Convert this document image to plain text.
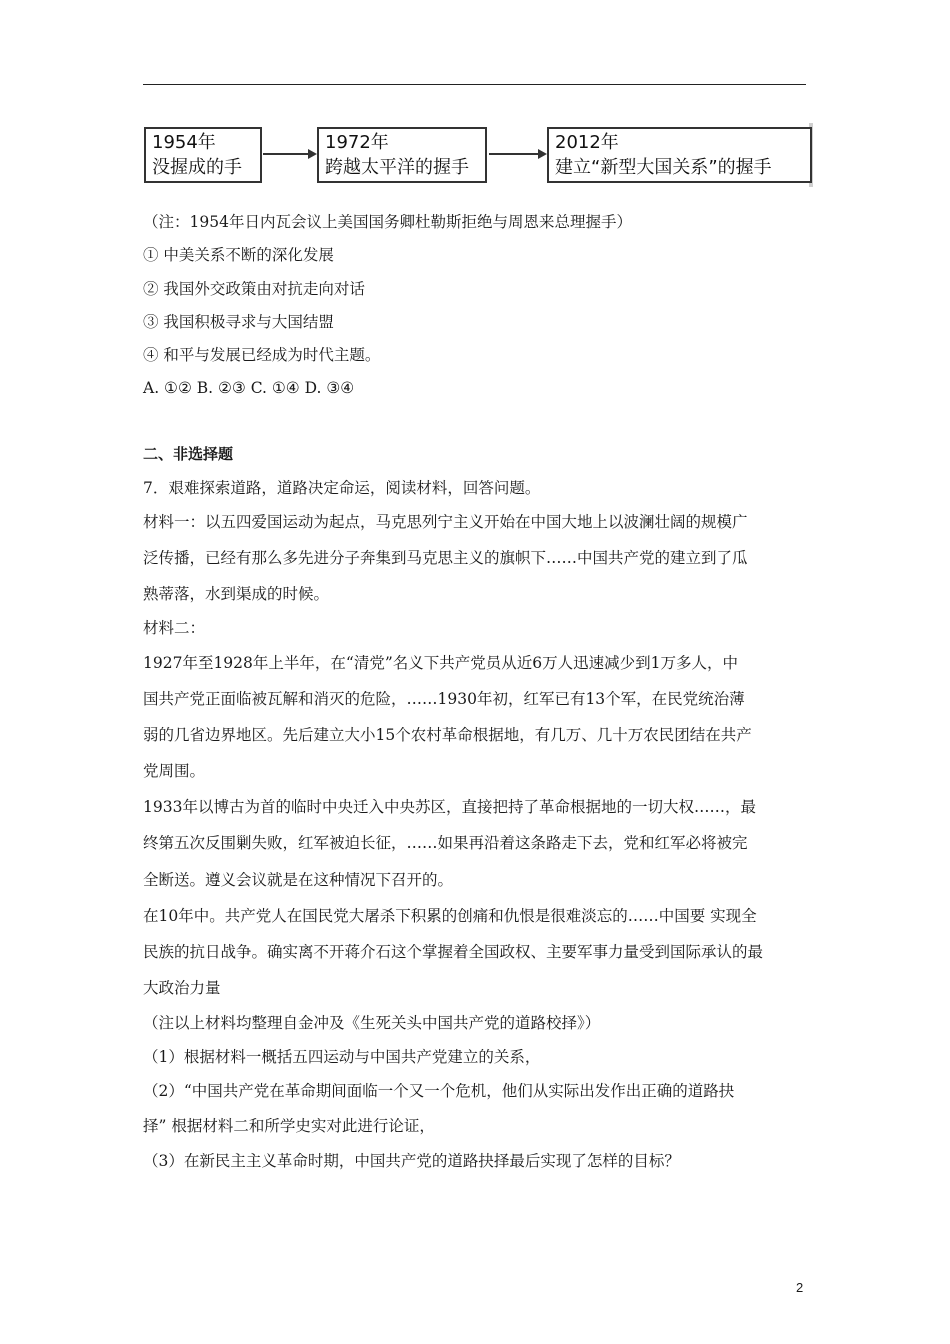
1954年
没握成的手
1972年
跨越太平洋的握手
2012年
建立“新型大国关系”的握手
（注：1954年日内瓦会议上美国国务卿杜勒斯拒绝与周恩来总理握手）
① 中美关系不断的深化发展
② 我国外交政策由对抗走向对话
③ 我国积极寻求与大国结盟
④ 和平与发展已经成为时代主题。
A. ①② B. ②③ C. ①④ D. ③④
二、非选择题
7．艰难探索道路，道路决定命运，阅读材料，回答问题。
材料一：以五四爱国运动为起点，马克思列宁主义开始在中国大地上以波澜壮阔的规模广
泛传播，已经有那么多先进分子奔集到马克思主义的旗帜下……中国共产党的建立到了瓜
熟蒂落，水到渠成的时候。
材料二：
1927年至1928年上半年，在“清党”名义下共产党员从近6万人迅速减少到1万多人，中
国共产党正面临被瓦解和消灭的危险，……1930年初，红军已有13个军，在民党统治薄
弱的几省边界地区。先后建立大小15个农村革命根据地，有几万、几十万农民团结在共产
党周围。
1933年以博古为首的临时中央迁入中央苏区，直接把持了革命根据地的一切大权……，最
终第五次反围剿失败，红军被迫长征，……如果再沿着这条路走下去，党和红军必将被完
全断送。遵义会议就是在这种情况下召开的。
在10年中。共产党人在国民党大屠杀下积累的创痛和仇恨是很难淡忘的……中国要 实现全
民族的抗日战争。确实离不开蒋介石这个掌握着全国政权、主要军事力量受到国际承认的最
大政治力量
（注以上材料均整理自金冲及《生死关头中国共产党的道路校择》）
（1）根据材料一概括五四运动与中国共产党建立的关系，
（2）“中国共产党在革命期间面临一个又一个危机，他们从实际出发作出正确的道路抉
择” 根据材料二和所学史实对此进行论证，
（3）在新民主主义革命时期，中国共产党的道路抉择最后实现了怎样的目标？
2
